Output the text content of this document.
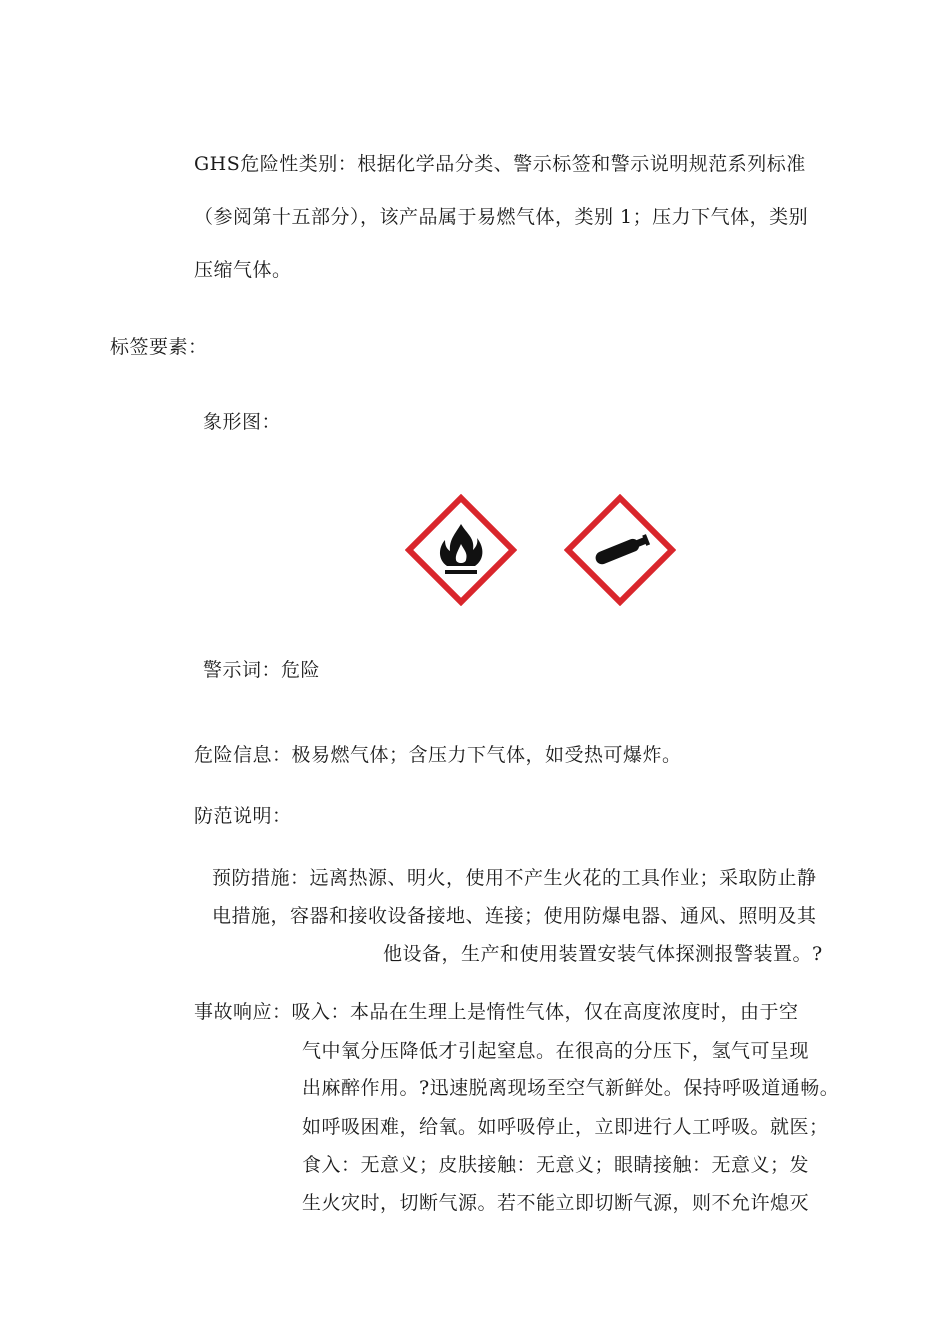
GHS危险性类别：根据化学品分类、警示标签和警示说明规范系列标准
（参阅第十五部分），该产品属于易燃气体，类别 1；压力下气体，类别
压缩气体。
标签要素：
象形图：
警示词：危险
危险信息：极易燃气体；含压力下气体，如受热可爆炸。
防范说明：
预防措施：远离热源、明火，使用不产生火花的工具作业；采取防止静
电措施，容器和接收设备接地、连接；使用防爆电器、通风、照明及其
他设备，生产和使用装置安装气体探测报警装置。?
事故响应：吸入：本品在生理上是惰性气体，仅在高度浓度时，由于空
气中氧分压降低才引起窒息。在很高的分压下，氢气可呈现
出麻醉作用。?迅速脱离现场至空气新鲜处。保持呼吸道通畅。
如呼吸困难，给氧。如呼吸停止，立即进行人工呼吸。就医；
食入：无意义；皮肤接触：无意义；眼睛接触：无意义；发
生火灾时，切断气源。若不能立即切断气源，则不允许熄灭
